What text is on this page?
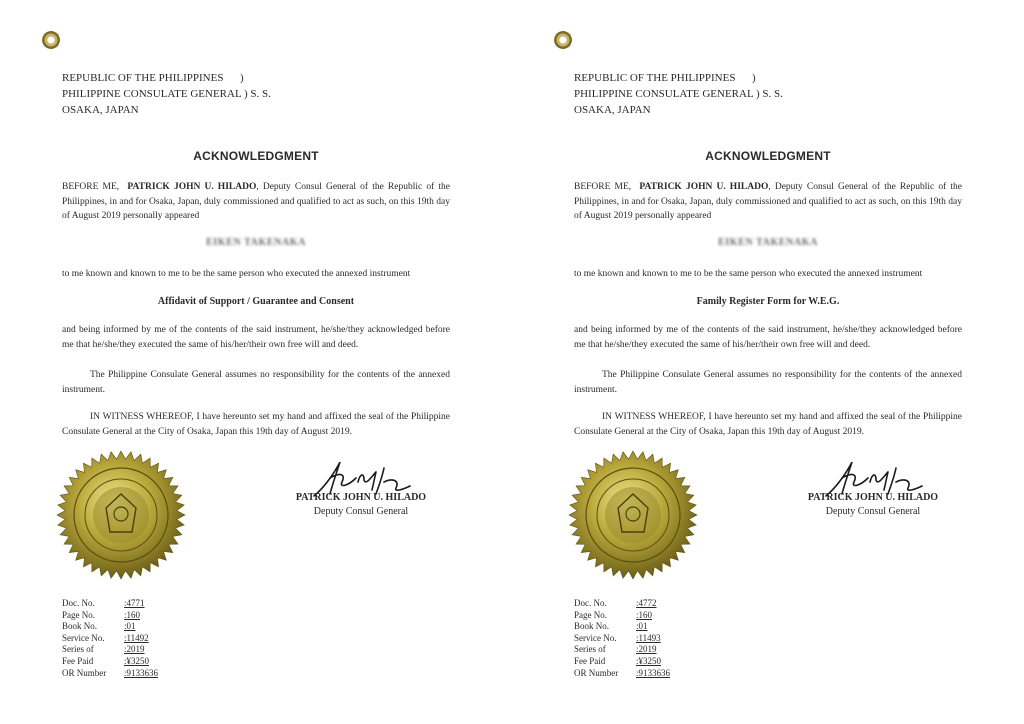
REPUBLIC OF THE PHILIPPINES      )
PHILIPPINE CONSULATE GENERAL ) S. S.
OSAKA, JAPAN
ACKNOWLEDGMENT
BEFORE ME, PATRICK JOHN U. HILADO, Deputy Consul General of the Republic of the Philippines, in and for Osaka, Japan, duly commissioned and qualified to act as such, on this 19th day of August 2019 personally appeared
EIKEN TAKENAKA
to me known and known to me to be the same person who executed the annexed instrument
Affidavit of Support / Guarantee and Consent
and being informed by me of the contents of the said instrument, he/she/they acknowledged before me that he/she/they executed the same of his/her/their own free will and deed.
The Philippine Consulate General assumes no responsibility for the contents of the annexed instrument.
IN WITNESS WHEREOF, I have hereunto set my hand and affixed the seal of the Philippine Consulate General at the City of Osaka, Japan this 19th day of August 2019.
PATRICK JOHN U. HILADO
Deputy Consul General
Doc. No.	:4771
Page No.	:160
Book No.	:01
Service No.	:11492
Series of	:2019
Fee Paid	:¥3250
OR Number	:9133636
REPUBLIC OF THE PHILIPPINES      )
PHILIPPINE CONSULATE GENERAL ) S. S.
OSAKA, JAPAN
ACKNOWLEDGMENT
BEFORE ME, PATRICK JOHN U. HILADO, Deputy Consul General of the Republic of the Philippines, in and for Osaka, Japan, duly commissioned and qualified to act as such, on this 19th day of August 2019 personally appeared
EIKEN TAKENAKA
to me known and known to me to be the same person who executed the annexed instrument
Family Register Form for W.E.G.
and being informed by me of the contents of the said instrument, he/she/they acknowledged before me that he/she/they executed the same of his/her/their own free will and deed.
The Philippine Consulate General assumes no responsibility for the contents of the annexed instrument.
IN WITNESS WHEREOF, I have hereunto set my hand and affixed the seal of the Philippine Consulate General at the City of Osaka, Japan this 19th day of August 2019.
PATRICK JOHN U. HILADO
Deputy Consul General
Doc. No.	:4772
Page No.	:160
Book No.	:01
Service No.	:11493
Series of	:2019
Fee Paid	:¥3250
OR Number	:9133636
